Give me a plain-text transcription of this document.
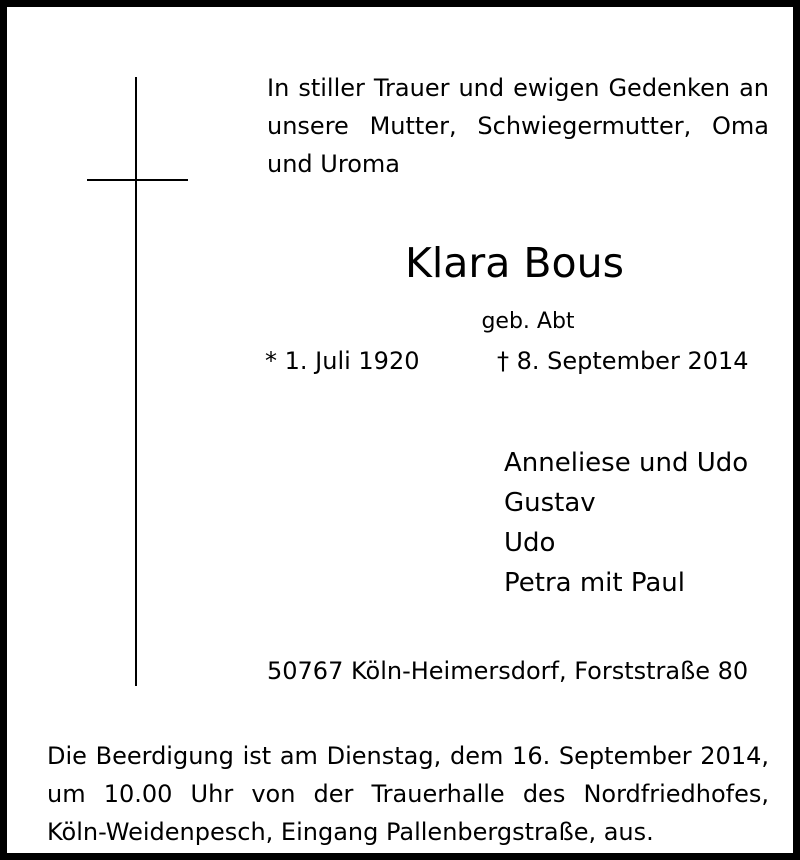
In stiller Trauer und ewigen Gedenken an
unsere Mutter, Schwiegermutter, Oma
und Uroma
Klara Bous
geb. Abt
* 1. Juli 1920	† 8. September 2014
Anneliese und Udo
Gustav
Udo
Petra mit Paul
50767 Köln-Heimersdorf, Forststraße 80
Die Beerdigung ist am Dienstag, dem 16. September 2014,
um 10.00 Uhr von der Trauerhalle des Nordfriedhofes,
Köln-Weidenpesch, Eingang Pallenbergstraße, aus.
